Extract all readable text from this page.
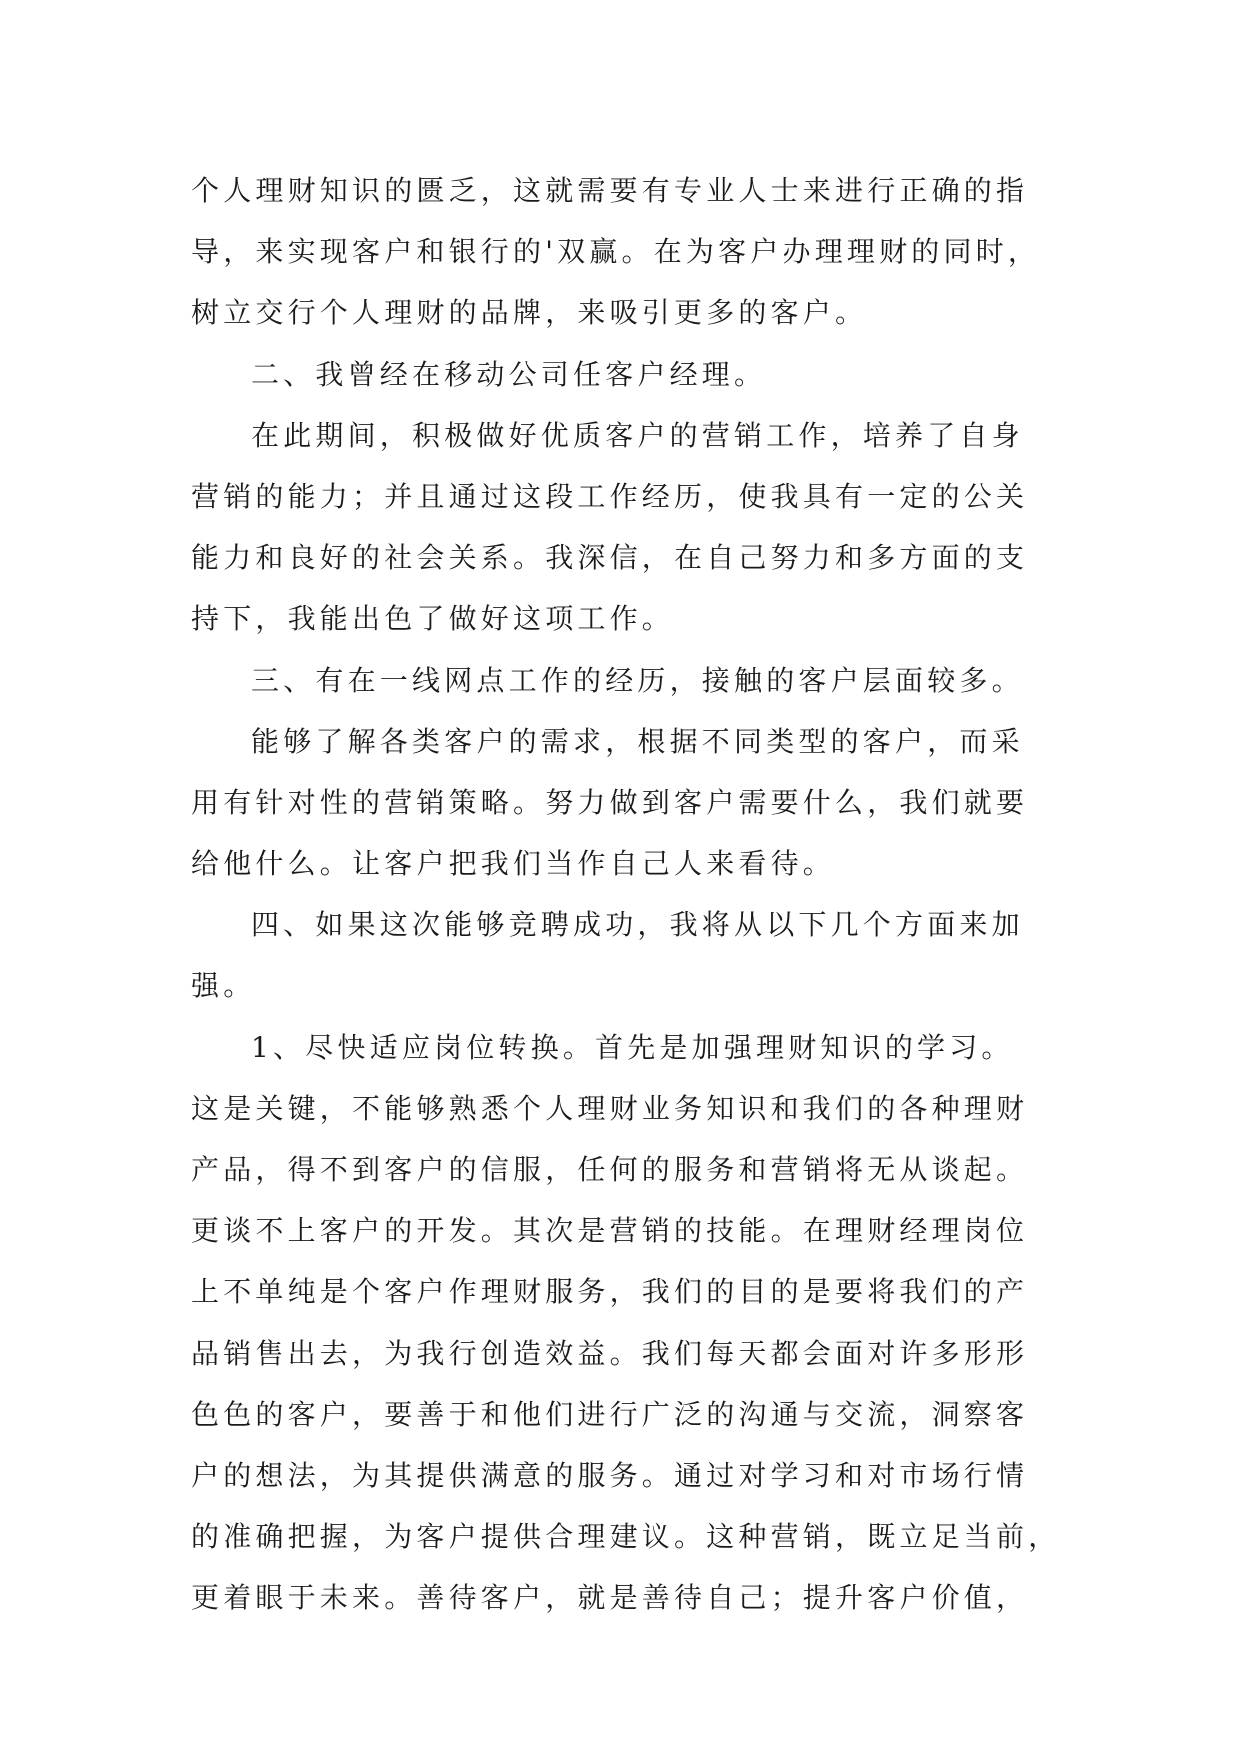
个人理财知识的匮乏，这就需要有专业人士来进行正确的指
导，来实现客户和银行的'双赢。在为客户办理理财的同时，
树立交行个人理财的品牌，来吸引更多的客户。
二、我曾经在移动公司任客户经理。
在此期间，积极做好优质客户的营销工作，培养了自身
营销的能力；并且通过这段工作经历，使我具有一定的公关
能力和良好的社会关系。我深信，在自己努力和多方面的支
持下，我能出色了做好这项工作。
三、有在一线网点工作的经历，接触的客户层面较多。
能够了解各类客户的需求，根据不同类型的客户，而采
用有针对性的营销策略。努力做到客户需要什么，我们就要
给他什么。让客户把我们当作自己人来看待。
四、如果这次能够竞聘成功，我将从以下几个方面来加
强。
1、尽快适应岗位转换。首先是加强理财知识的学习。
这是关键，不能够熟悉个人理财业务知识和我们的各种理财
产品，得不到客户的信服，任何的服务和营销将无从谈起。
更谈不上客户的开发。其次是营销的技能。在理财经理岗位
上不单纯是个客户作理财服务，我们的目的是要将我们的产
品销售出去，为我行创造效益。我们每天都会面对许多形形
色色的客户，要善于和他们进行广泛的沟通与交流，洞察客
户的想法，为其提供满意的服务。通过对学习和对市场行情
的准确把握，为客户提供合理建议。这种营销，既立足当前，
更着眼于未来。善待客户，就是善待自己；提升客户价值，
